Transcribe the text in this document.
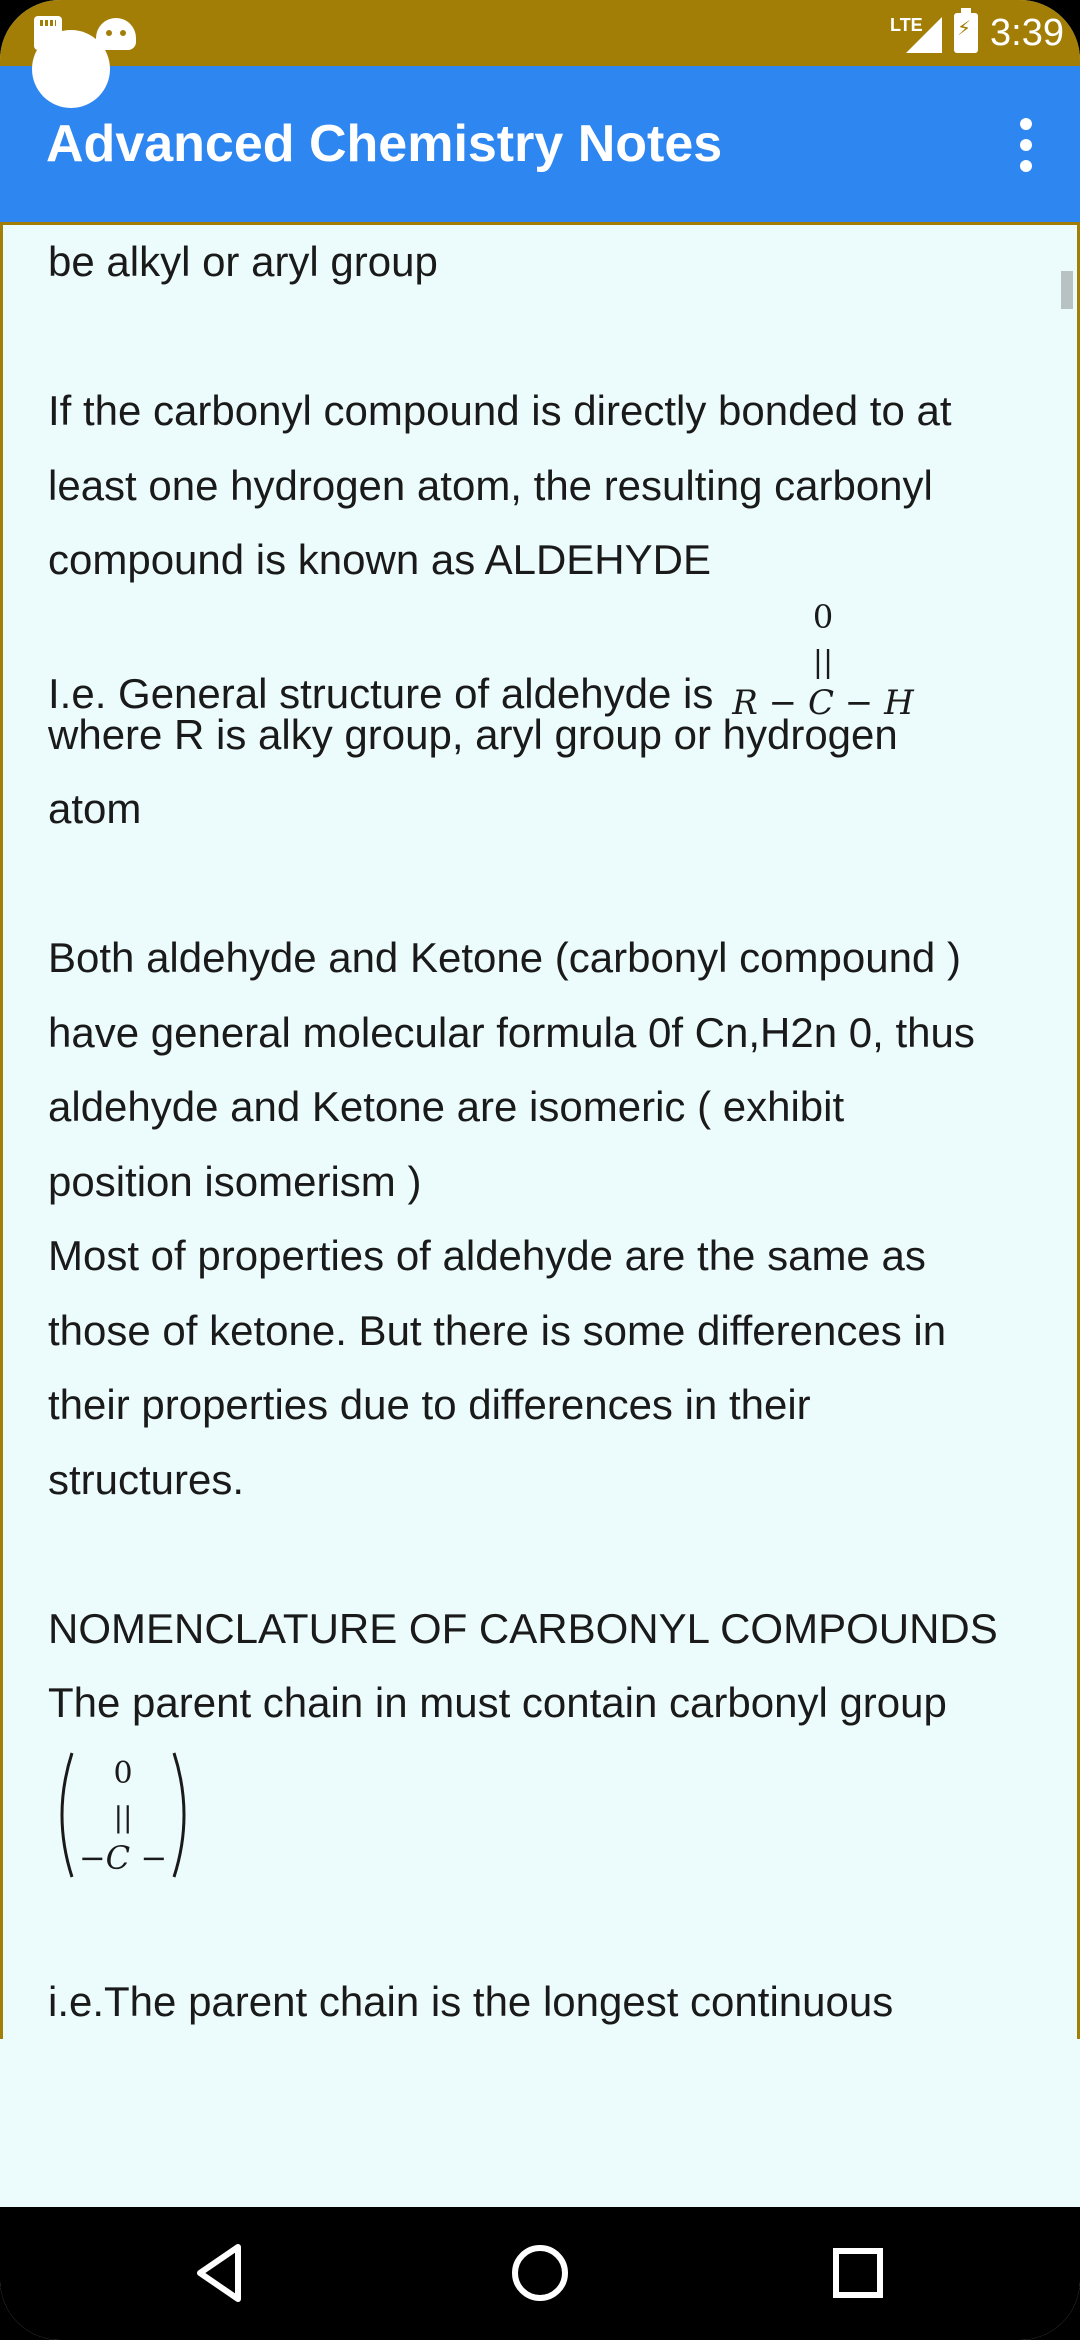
LTE
⚡ 3:39
Advanced Chemistry Notes

be alkyl or aryl group

If the carbonyl compound is directly bonded to at

least one hydrogen atom, the resulting carbonyl

compound is known as ALDEHYDE

I.e. General structure of aldehyde is
0
||
R − C − H

where R is alky group, aryl group or hydrogen

atom

Both aldehyde and Ketone (carbonyl compound )

have general molecular formula 0f Cn,H2n 0, thus

aldehyde and Ketone are isomeric ( exhibit

position isomerism )

Most of properties of aldehyde are the same as

those of ketone. But there is some differences in

their properties due to differences in their

structures.

NOMENCLATURE OF CARBONYL COMPOUNDS

The parent chain in must contain carbonyl group

0
||
−C −

i.e.The parent chain is the longest continuous
